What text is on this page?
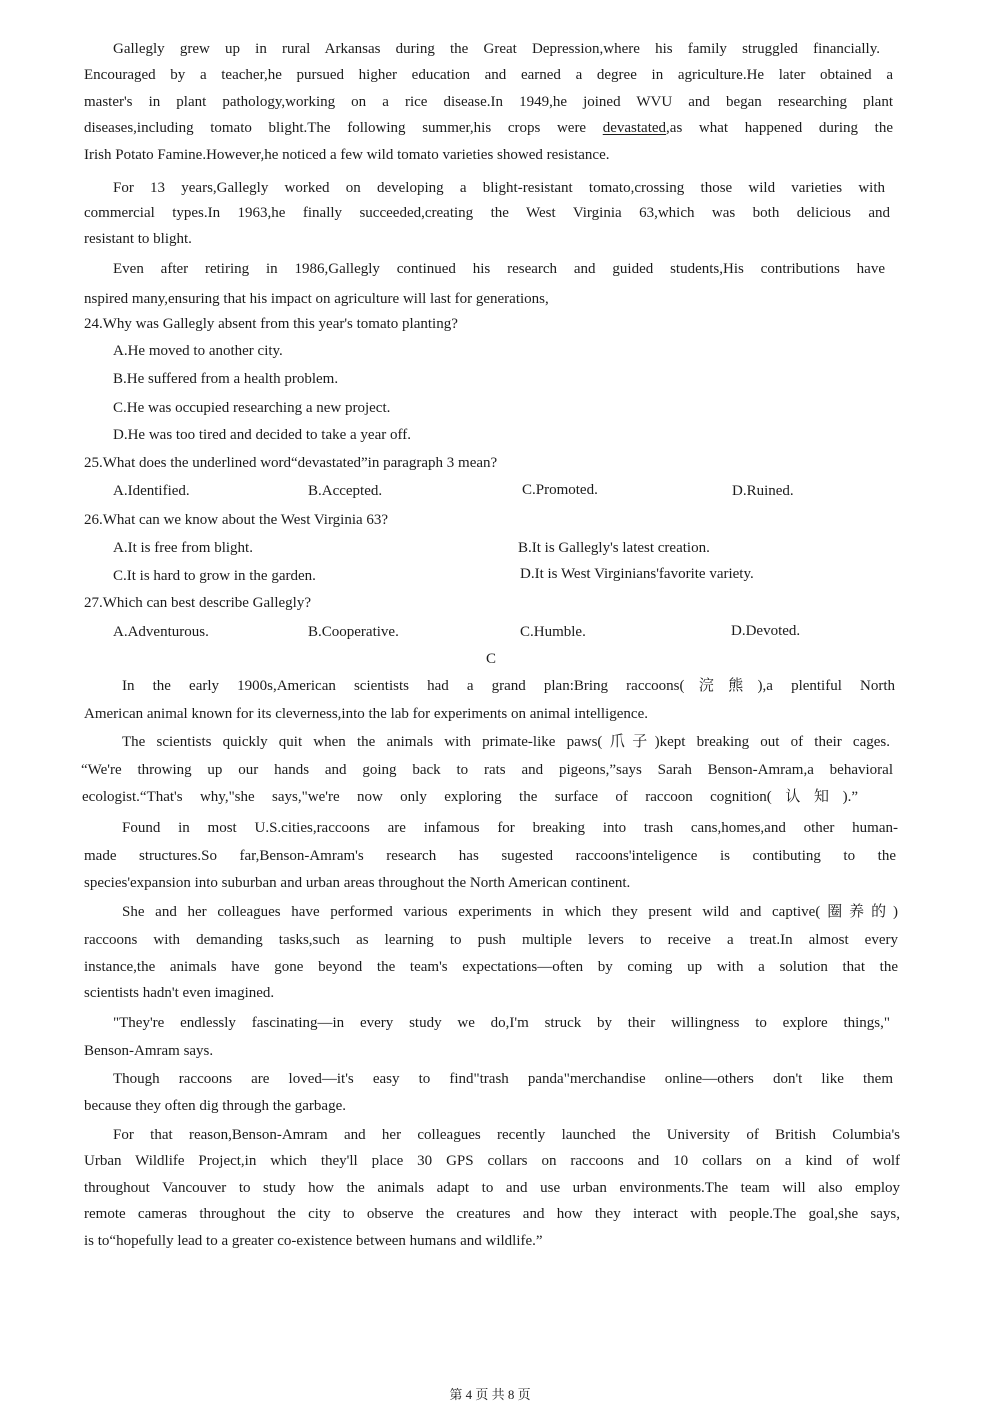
Gallegly grew up in rural Arkansas during the Great Depression,where his family struggled financially.
Encouraged by a teacher,he pursued higher education and earned a degree in agriculture.He later obtained a
master's in plant pathology,working on a rice disease.In 1949,he joined WVU and began researching plant
diseases,including tomato blight.The following summer,his crops were devastated,as what happened during the
Irish Potato Famine.However,he noticed a few wild tomato varieties showed resistance.
For 13 years,Gallegly worked on developing a blight-resistant tomato,crossing those wild varieties with
commercial types.In 1963,he finally succeeded,creating the West Virginia 63,which was both delicious and
resistant to blight.
Even after retiring in 1986,Gallegly continued his research and guided students,His contributions have
nspired many,ensuring that his impact on agriculture will last for generations,
24.Why was Gallegly absent from this year's tomato planting?
A.He moved to another city.
B.He suffered from a health problem.
C.He was occupied researching a new project.
D.He was too tired and decided to take a year off.
25.What does the underlined word“devastated”in paragraph 3 mean?
A.Identified.	B.Accepted.	C.Promoted.	D.Ruined.
26.What can we know about the West Virginia 63?
A.It is free from blight.	B.It is Gallegly's latest creation.
C.It is hard to grow in the garden.	D.It is West Virginians'favorite variety.
27.Which can best describe Gallegly?
A.Adventurous.	B.Cooperative.	C.Humble.	D.Devoted.
C
In the early 1900s,American scientists had a grand plan:Bring raccoons(浣熊),a plentiful North
American animal known for its cleverness,into the lab for experiments on animal intelligence.
The scientists quickly quit when the animals with primate-like paws(爪子)kept breaking out of their cages.
“We're throwing up our hands and going back to rats and pigeons,”says Sarah Benson-Amram,a behavioral
ecologist.“That's why,"she says,"we're now only exploring the surface of raccoon cognition(认知).”
Found in most U.S.cities,raccoons are infamous for breaking into trash cans,homes,and other human-
made structures.So far,Benson-Amram's research has sugested raccoons'inteligence is contibuting to the
species'expansion into suburban and urban areas throughout the North American continent.
She and her colleagues have performed various experiments in which they present wild and captive(圈养的)
raccoons with demanding tasks,such as learning to push multiple levers to receive a treat.In almost every
instance,the animals have gone beyond the team's expectations—often by coming up with a solution that the
scientists hadn't even imagined.
"They're endlessly fascinating—in every study we do,I'm struck by their willingness to explore things,"
Benson-Amram says.
Though raccoons are loved—it's easy to find"trash panda"merchandise online—others don't like them
because they often dig through the garbage.
For that reason,Benson-Amram and her colleagues recently launched the University of British Columbia's
Urban Wildlife Project,in which they'll place 30 GPS collars on raccoons and 10 collars on a kind of wolf
throughout Vancouver to study how the animals adapt to and use urban environments.The team will also employ
remote cameras throughout the city to observe the creatures and how they interact with people.The goal,she says,
is to“hopefully lead to a greater co-existence between humans and wildlife.”
第 4 页 共 8 页
